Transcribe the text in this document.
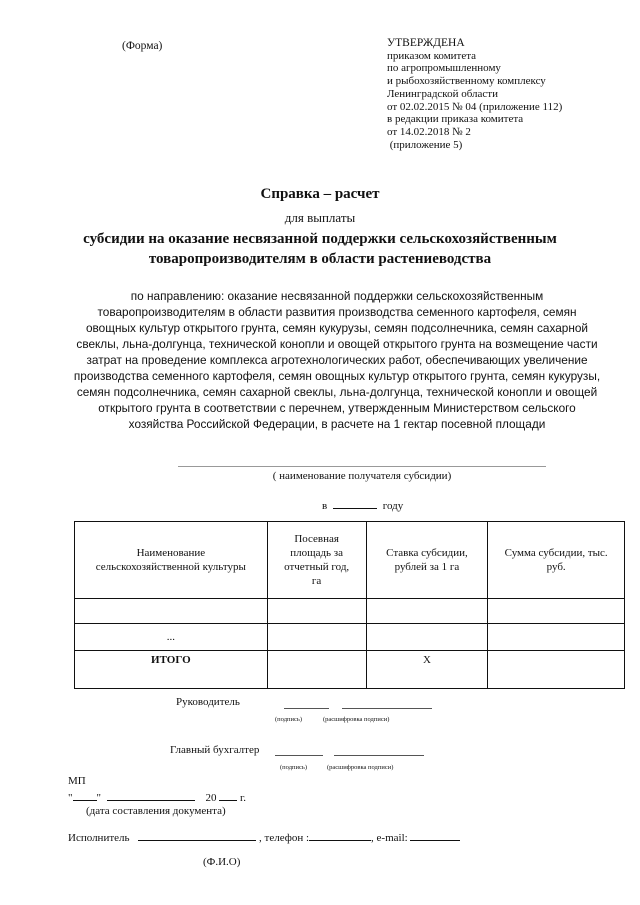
(Форма)	УТВЕРЖДЕНА
приказом комитета
по агропромышленному
и рыбохозяйственному комплексу
Ленинградской области
от 02.02.2015 № 04 (приложение 112)
в редакции приказа комитета
от 14.02.2018 № 2
(приложение 5)
Справка – расчет
для выплаты
субсидии на оказание несвязанной поддержки сельскохозяйственным
товаропроизводителям в области растениеводства
по направлению: оказание несвязанной поддержки сельскохозяйственным товаропроизводителям в области развития производства семенного картофеля, семян овощных культур открытого грунта, семян кукурузы, семян подсолнечника, семян сахарной свеклы, льна-долгунца, технической конопли и овощей открытого грунта на возмещение части затрат на проведение комплекса агротехнологических работ, обеспечивающих увеличение производства семенного картофеля, семян овощных культур открытого грунта, семян кукурузы, семян подсолнечника, семян сахарной свеклы, льна-долгунца, технической конопли и овощей открытого грунта в соответствии с перечнем, утвержденным Министерством сельского хозяйства Российской Федерации, в расчете на 1 гектар посевной площади
( наименование получателя субсидии)
в	году
Наименование сельскохозяйственной культуры	Посевная площадь за отчетный год, га	Ставка субсидии, рублей за 1 га	Сумма субсидии, тыс. руб.

...			
ИТОГО		Х	
Руководитель
(подпись)	(расшифровка подписи)
Главный бухгалтер
(подпись)	(расшифровка подписи)
МП
" "	20 г.
(дата составления документа)
Исполнитель	, телефон :	, e-mail:
(Ф.И.О)
